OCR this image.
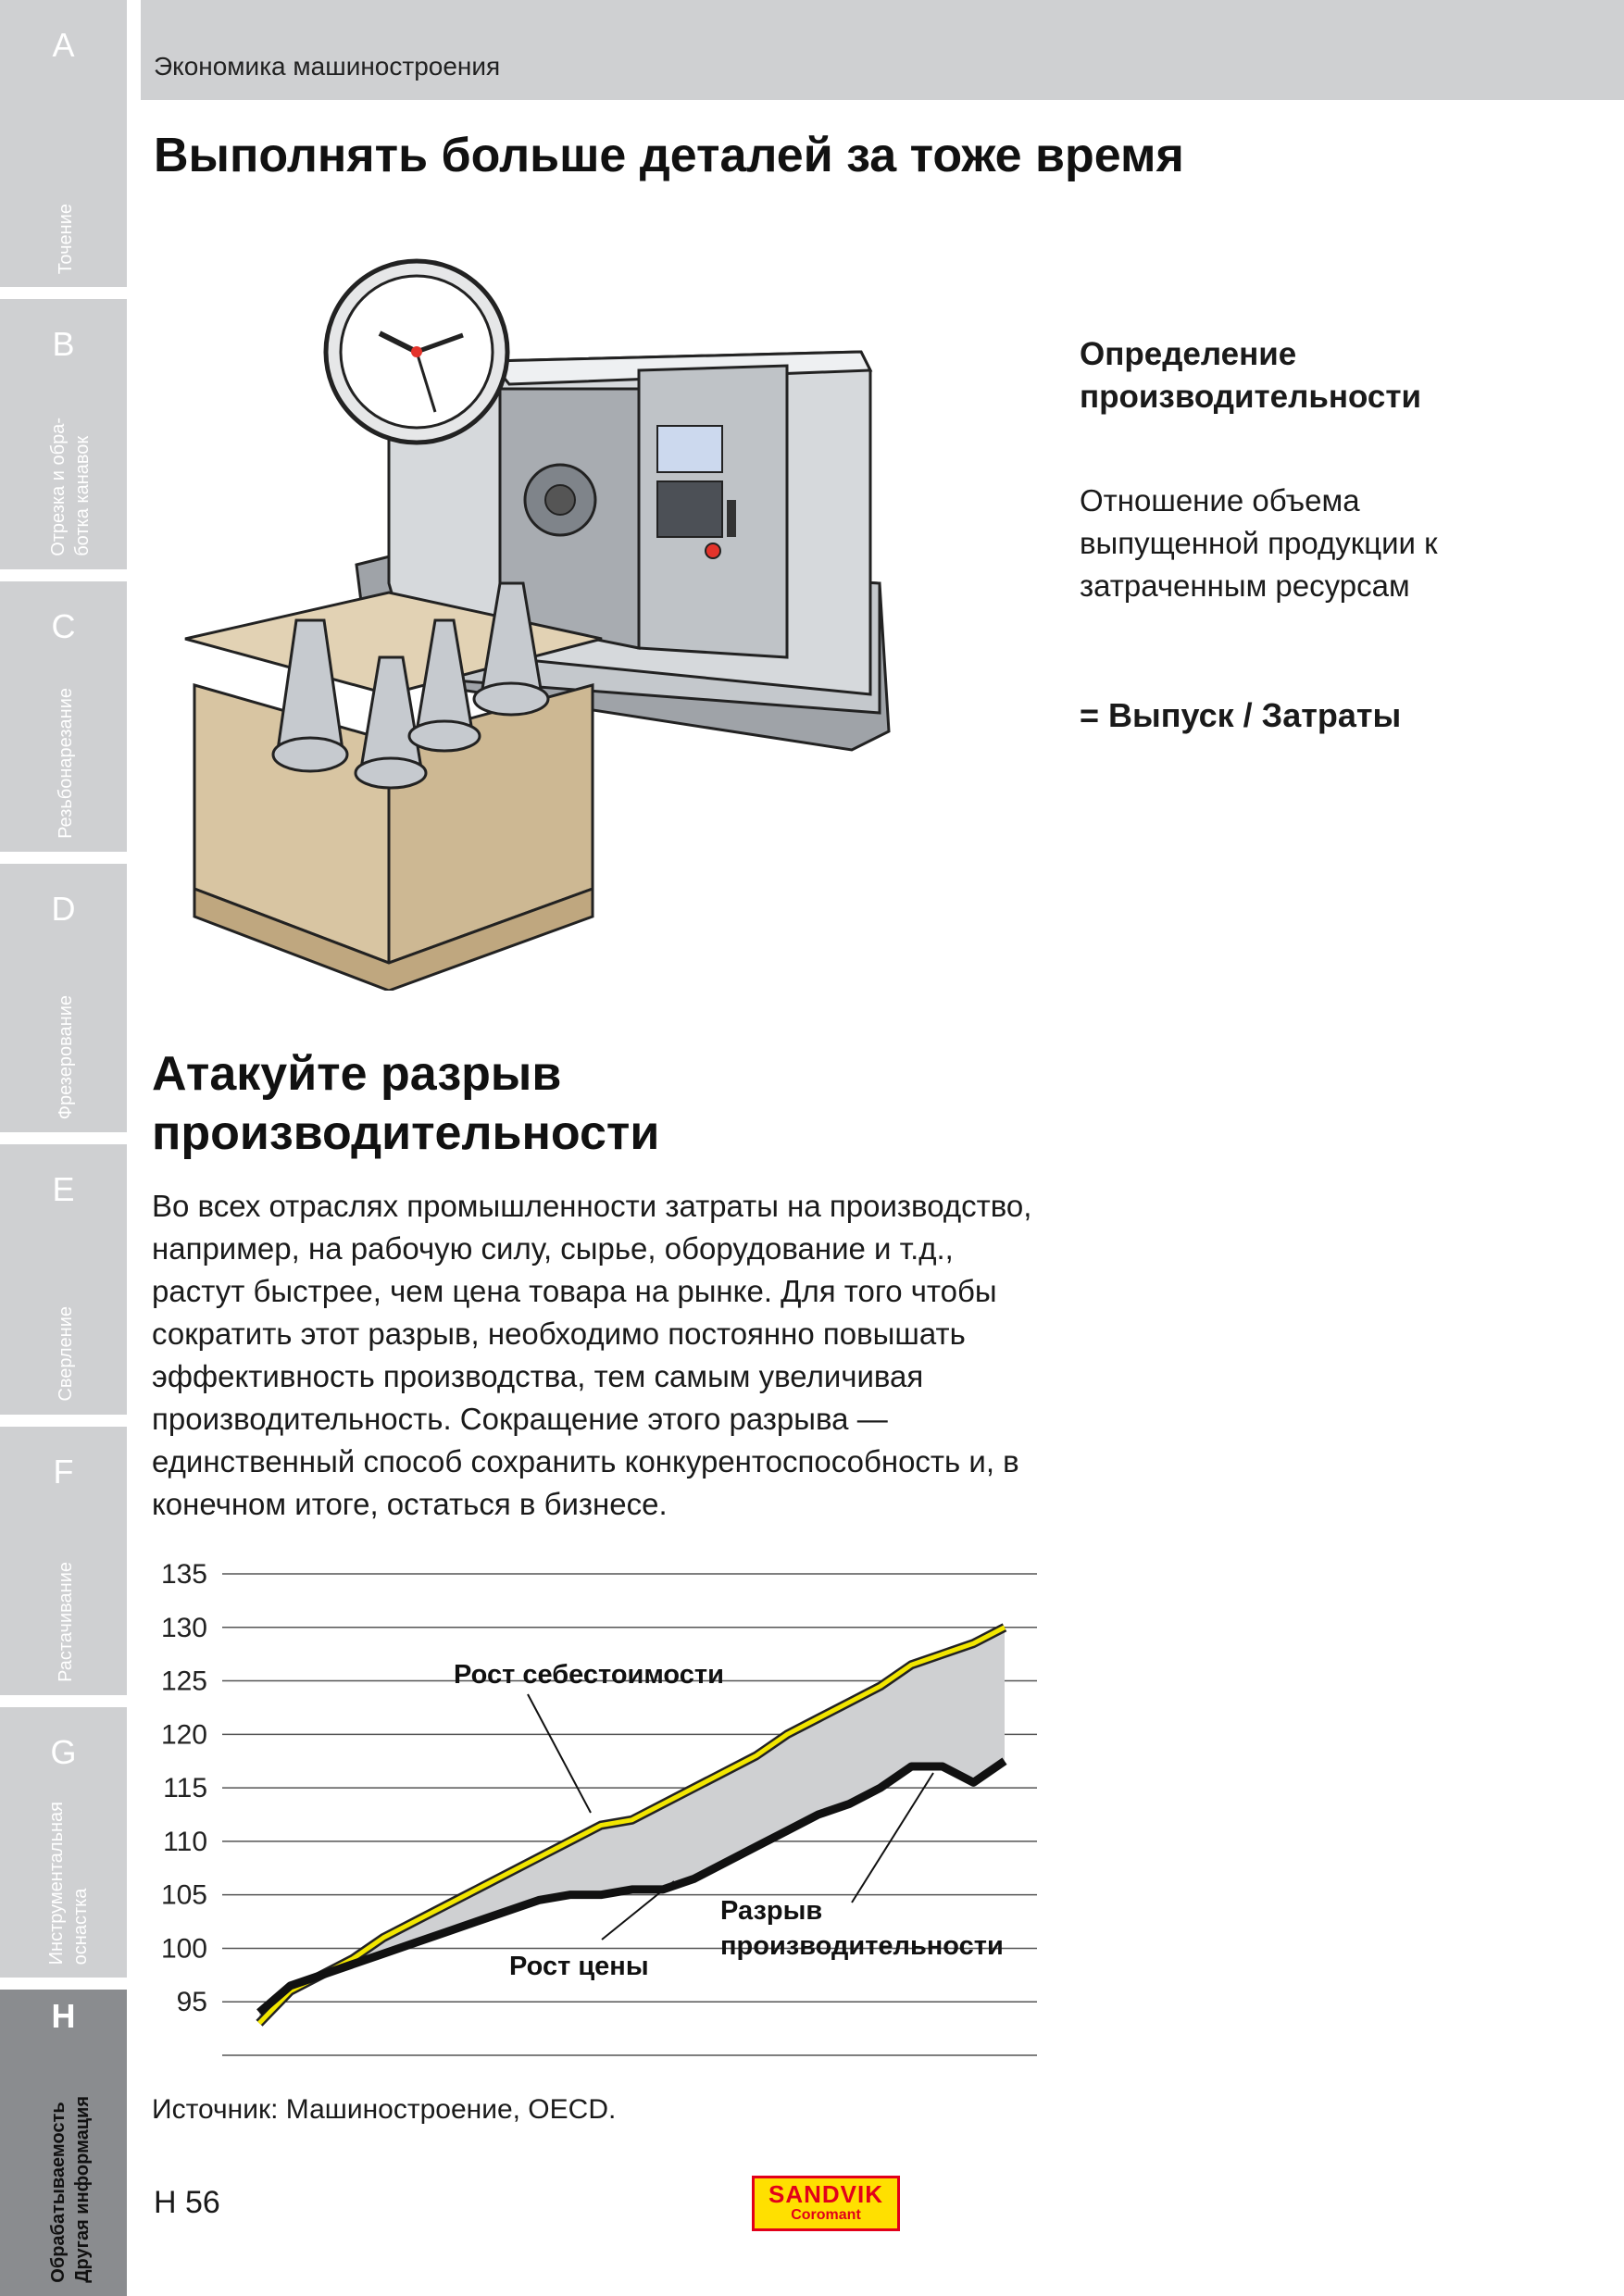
A
Точение
B
Отрезка и обра- ботка канавок
C
Резьбонарезание
D
Фрезерование
E
Сверление
F
Растачивание
G
Инструментальная оснастка
H
Обрабатываемость Другая информация
Экономика машиностроения
Выполнять больше деталей за тоже время
Определение производительности
Отношение объема выпущенной продукции к затраченным ресурсам
= Выпуск / Затраты
Атакуйте разрыв производительности
Во всех отраслях промышленности затраты на производство, например, на рабочую силу, сырье, оборудование и т.д., растут быстрее, чем цена товара на рынке. Для того чтобы сократить этот разрыв, необходимо постоянно повышать эффективность производства, тем самым увеличивая производительность. Сокращение этого разрыва — единственный способ сохранить конкурентоспособность и, в конечном итоге, остаться в бизнесе.
95
100
105
110
115
120
125
130
135
Рост себестоимости
Рост цены
Разрыв производительности
Источник: Машиностроение, OECD.
H 56	SANDVIK
Coromant
